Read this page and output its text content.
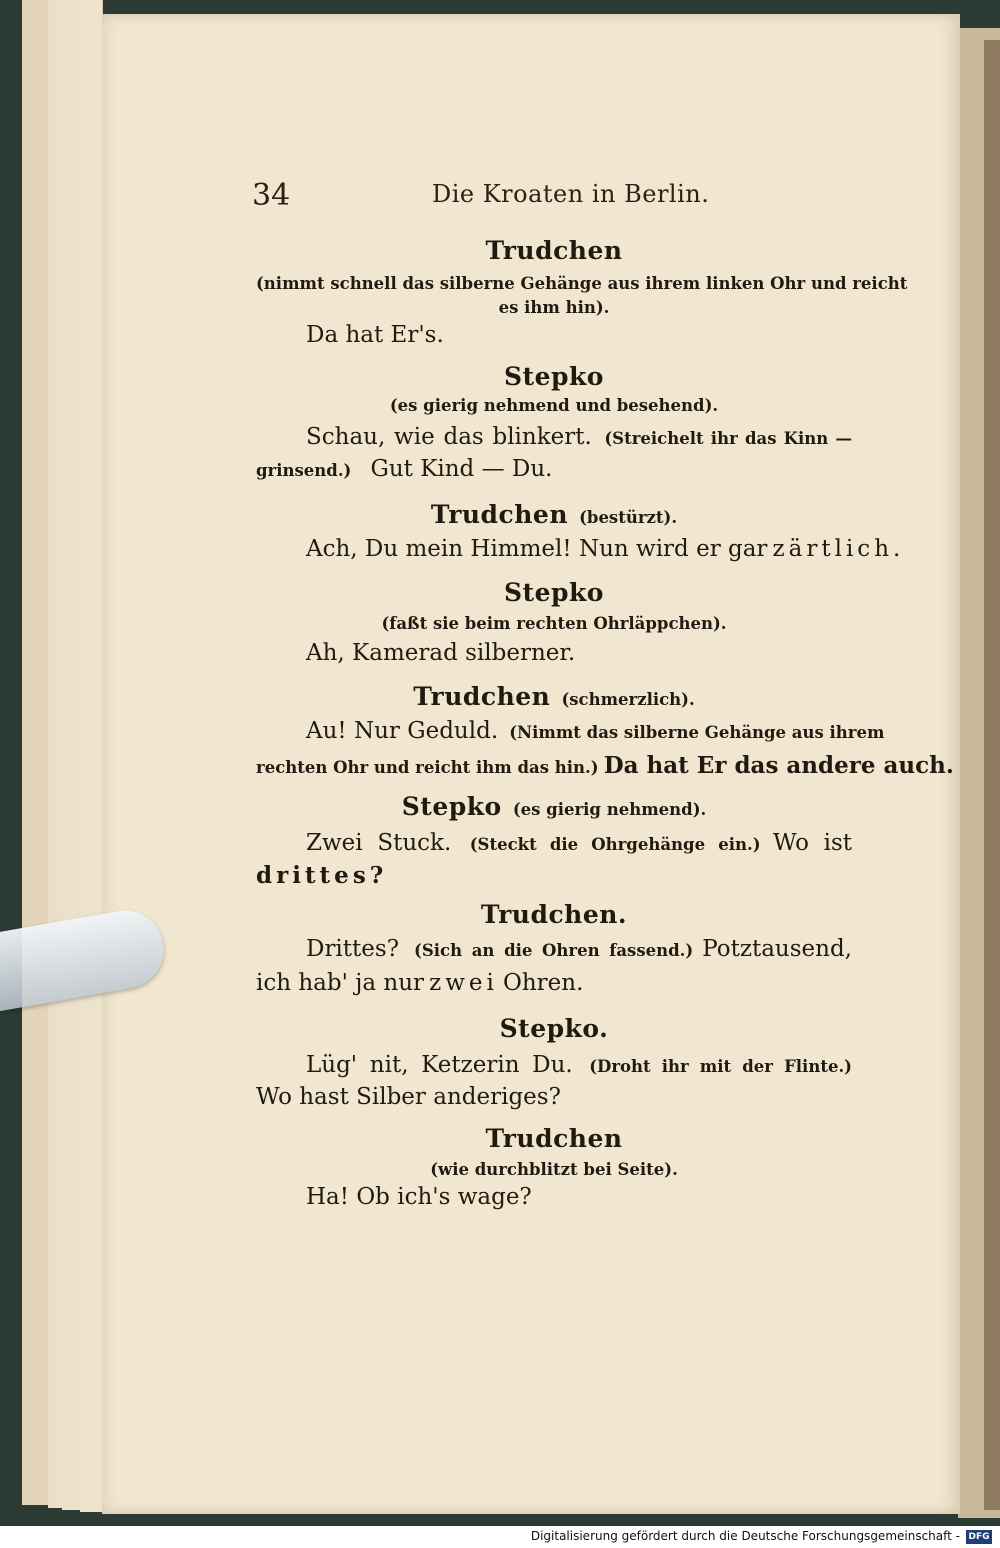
34	Die Kroaten in Berlin.
Trudchen
(nimmt schnell das silberne Gehänge aus ihrem linken Ohr und reicht
es ihm hin).
Da hat Er's.
Stepko
(es gierig nehmend und besehend).
Schau, wie das blinkert. (Streichelt ihr das Kinn —
grinsend.) Gut Kind — Du.
Trudchen (bestürzt).
Ach, Du mein Himmel! Nun wird er gar zärtlich.
Stepko
(faßt sie beim rechten Ohrläppchen).
Ah, Kamerad silberner.
Trudchen (schmerzlich).
Au! Nur Geduld. (Nimmt das silberne Gehänge aus ihrem
rechten Ohr und reicht ihm das hin.) Da hat Er das andere auch.
Stepko (es gierig nehmend).
Zwei Stuck. (Steckt die Ohrgehänge ein.) Wo ist
drittes?
Trudchen.
Drittes? (Sich an die Ohren fassend.) Potztausend,
ich hab' ja nur zwei Ohren.
Stepko.
Lüg' nit, Ketzerin Du. (Droht ihr mit der Flinte.)
Wo hast Silber anderiges?
Trudchen
(wie durchblitzt bei Seite).
Ha! Ob ich's wage?
Digitalisierung gefördert durch die Deutsche Forschungsgemeinschaft - DFG
